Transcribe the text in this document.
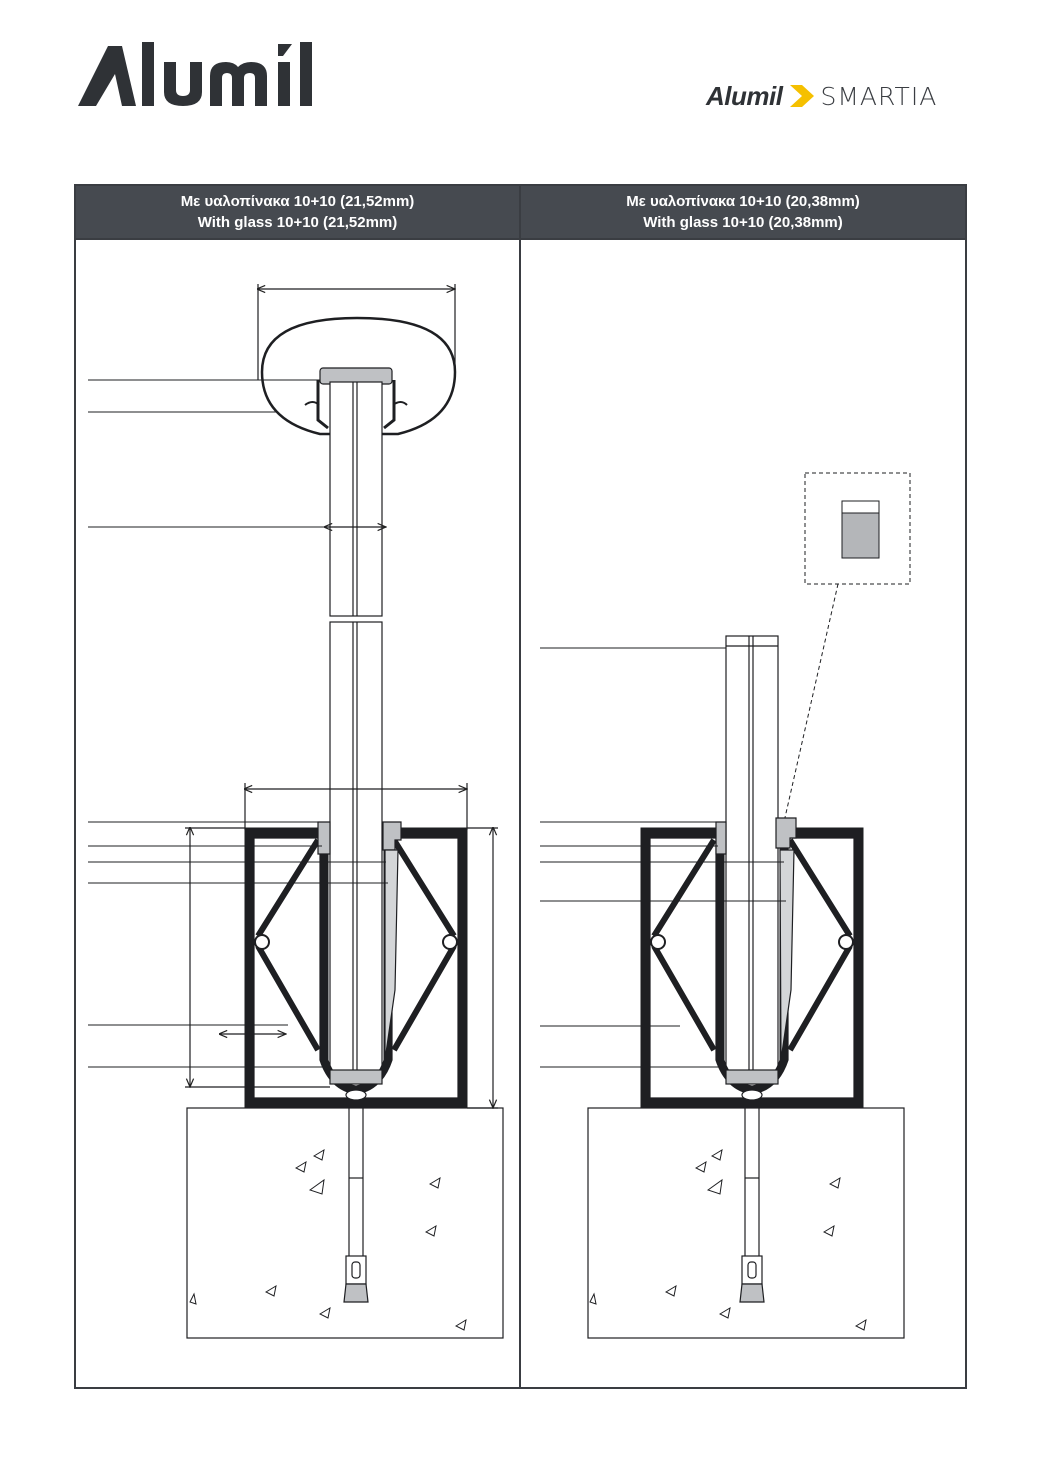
Alumil SMARTIA
Με υαλοπίνακα 10+10 (21,52mm)
With glass 10+10 (21,52mm)
Με υαλοπίνακα 10+10 (20,38mm)
With glass 10+10 (20,38mm)
